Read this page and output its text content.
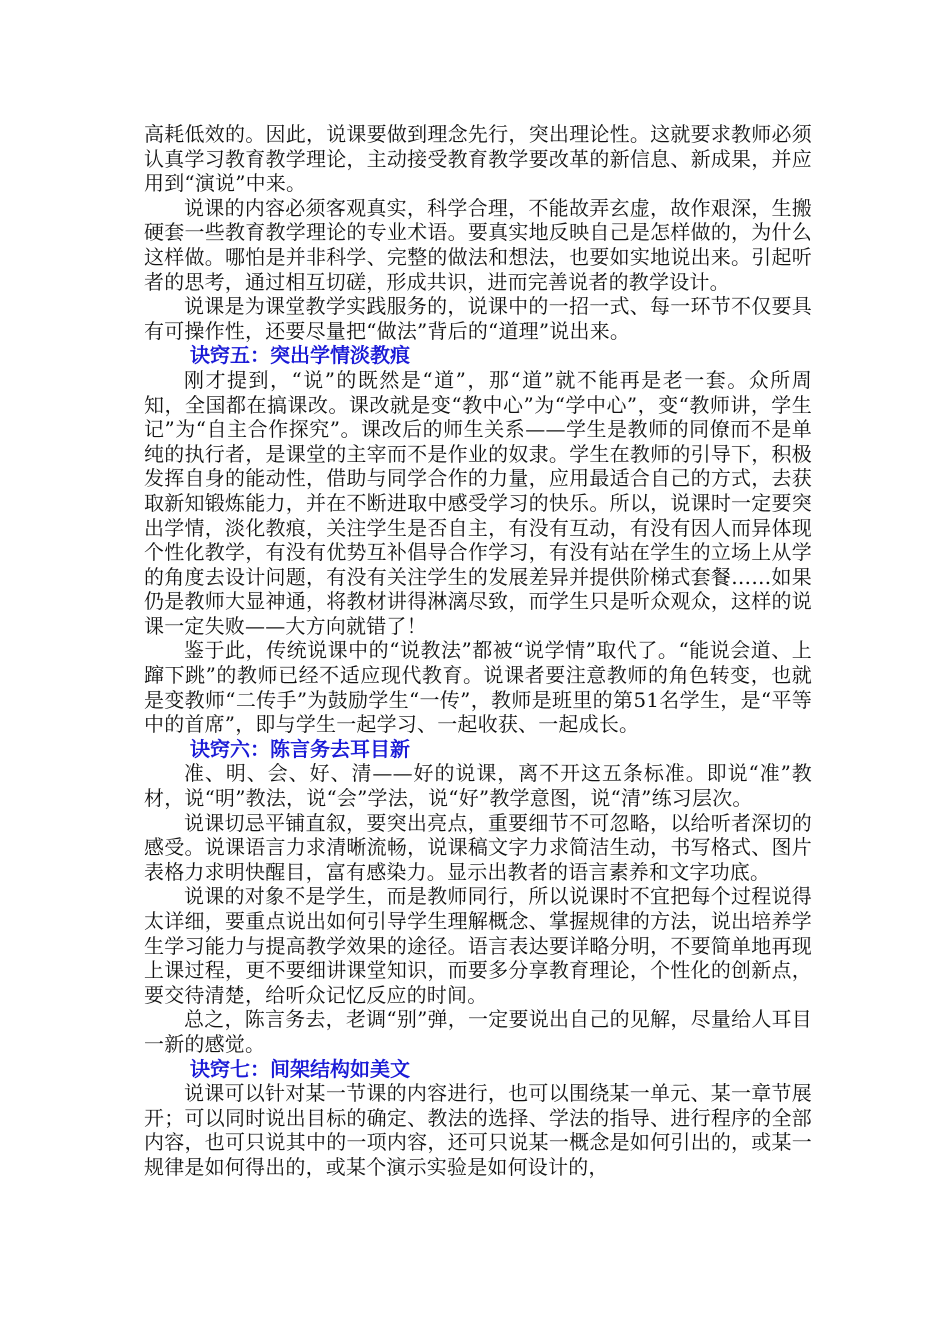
高耗低效的。因此，说课要做到理念先行，突出理论性。这就要求教师必须认真学习教育教学理论，主动接受教育教学要改革的新信息、新成果，并应用到“演说”中来。

说课的内容必须客观真实，科学合理，不能故弄玄虚，故作艰深，生搬硬套一些教育教学理论的专业术语。要真实地反映自己是怎样做的，为什么这样做。哪怕是并非科学、完整的做法和想法，也要如实地说出来。引起听者的思考，通过相互切磋，形成共识，进而完善说者的教学设计。

说课是为课堂教学实践服务的，说课中的一招一式、每一环节不仅要具有可操作性，还要尽量把“做法”背后的“道理”说出来。

诀窍五：突出学情淡教痕

刚才提到，“说”的既然是“道”，那“道”就不能再是老一套。众所周知，全国都在搞课改。课改就是变“教中心”为“学中心”，变“教师讲，学生记”为“自主合作探究”。课改后的师生关系——学生是教师的同僚而不是单纯的执行者，是课堂的主宰而不是作业的奴隶。学生在教师的引导下，积极发挥自身的能动性，借助与同学合作的力量，应用最适合自己的方式，去获取新知锻炼能力，并在不断进取中感受学习的快乐。所以，说课时一定要突出学情，淡化教痕，关注学生是否自主，有没有互动，有没有因人而异体现个性化教学，有没有优势互补倡导合作学习，有没有站在学生的立场上从学的角度去设计问题，有没有关注学生的发展差异并提供阶梯式套餐……如果仍是教师大显神通，将教材讲得淋漓尽致，而学生只是听众观众，这样的说课一定失败——大方向就错了！

鉴于此，传统说课中的“说教法”都被“说学情”取代了。“能说会道、上蹿下跳”的教师已经不适应现代教育。说课者要注意教师的角色转变，也就是变教师“二传手”为鼓励学生“一传”，教师是班里的第51名学生，是“平等中的首席”，即与学生一起学习、一起收获、一起成长。

诀窍六：陈言务去耳目新

准、明、会、好、清——好的说课，离不开这五条标准。即说“准”教材，说“明”教法，说“会”学法，说“好”教学意图，说“清”练习层次。

说课切忌平铺直叙，要突出亮点，重要细节不可忽略，以给听者深切的感受。说课语言力求清晰流畅，说课稿文字力求简洁生动，书写格式、图片表格力求明快醒目，富有感染力。显示出教者的语言素养和文字功底。

说课的对象不是学生，而是教师同行，所以说课时不宜把每个过程说得太详细，要重点说出如何引导学生理解概念、掌握规律的方法，说出培养学生学习能力与提高教学效果的途径。语言表达要详略分明，不要简单地再现上课过程，更不要细讲课堂知识，而要多分享教育理论，个性化的创新点，要交待清楚，给听众记忆反应的时间。

总之，陈言务去，老调“别”弹，一定要说出自己的见解，尽量给人耳目一新的感觉。

诀窍七：间架结构如美文

说课可以针对某一节课的内容进行，也可以围绕某一单元、某一章节展开；可以同时说出目标的确定、教法的选择、学法的指导、进行程序的全部内容，也可只说其中的一项内容，还可只说某一概念是如何引出的，或某一规律是如何得出的，或某个演示实验是如何设计的，
